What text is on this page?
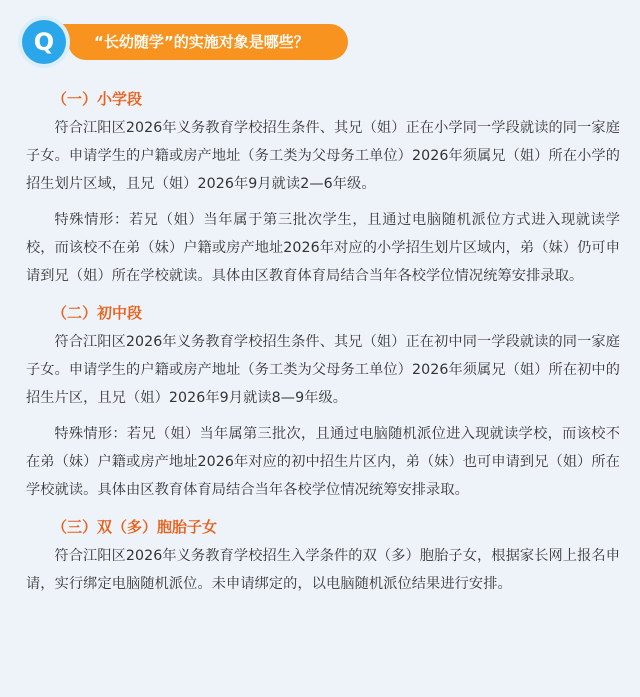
Q	“长幼随学”的实施对象是哪些？
（一）小学段

符合江阳区2026年义务教育学校招生条件、其兄（姐）正在小学同一学段就读的同一家庭子女。申请学生的户籍或房产地址（务工类为父母务工单位）2026年须属兄（姐）所在小学的招生划片区域，且兄（姐）2026年9月就读2—6年级。

特殊情形：若兄（姐）当年属于第三批次学生，且通过电脑随机派位方式进入现就读学校，而该校不在弟（妹）户籍或房产地址2026年对应的小学招生划片区域内，弟（妹）仍可申请到兄（姐）所在学校就读。具体由区教育体育局结合当年各校学位情况统筹安排录取。

（二）初中段

符合江阳区2026年义务教育学校招生条件、其兄（姐）正在初中同一学段就读的同一家庭子女。申请学生的户籍或房产地址（务工类为父母务工单位）2026年须属兄（姐）所在初中的招生片区，且兄（姐）2026年9月就读8—9年级。

特殊情形：若兄（姐）当年属第三批次，且通过电脑随机派位进入现就读学校，而该校不在弟（妹）户籍或房产地址2026年对应的初中招生片区内，弟（妹）也可申请到兄（姐）所在学校就读。具体由区教育体育局结合当年各校学位情况统筹安排录取。

（三）双（多）胞胎子女

符合江阳区2026年义务教育学校招生入学条件的双（多）胞胎子女，根据家长网上报名申请，实行绑定电脑随机派位。未申请绑定的，以电脑随机派位结果进行安排。
